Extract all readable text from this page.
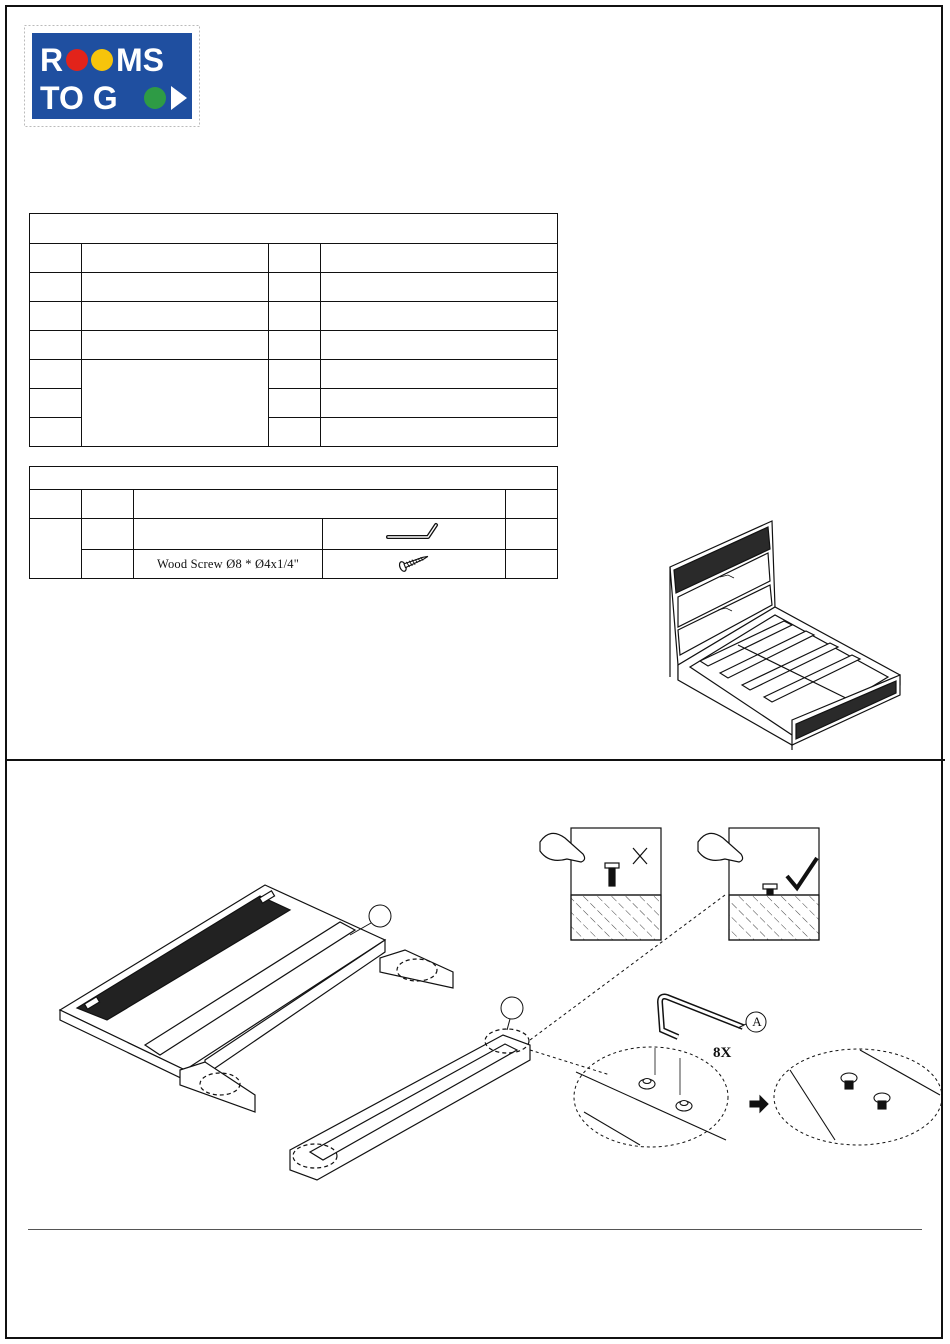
R MS
TO G

		Wood Screw Ø8 * Ø4x1/4"		
A
8X
